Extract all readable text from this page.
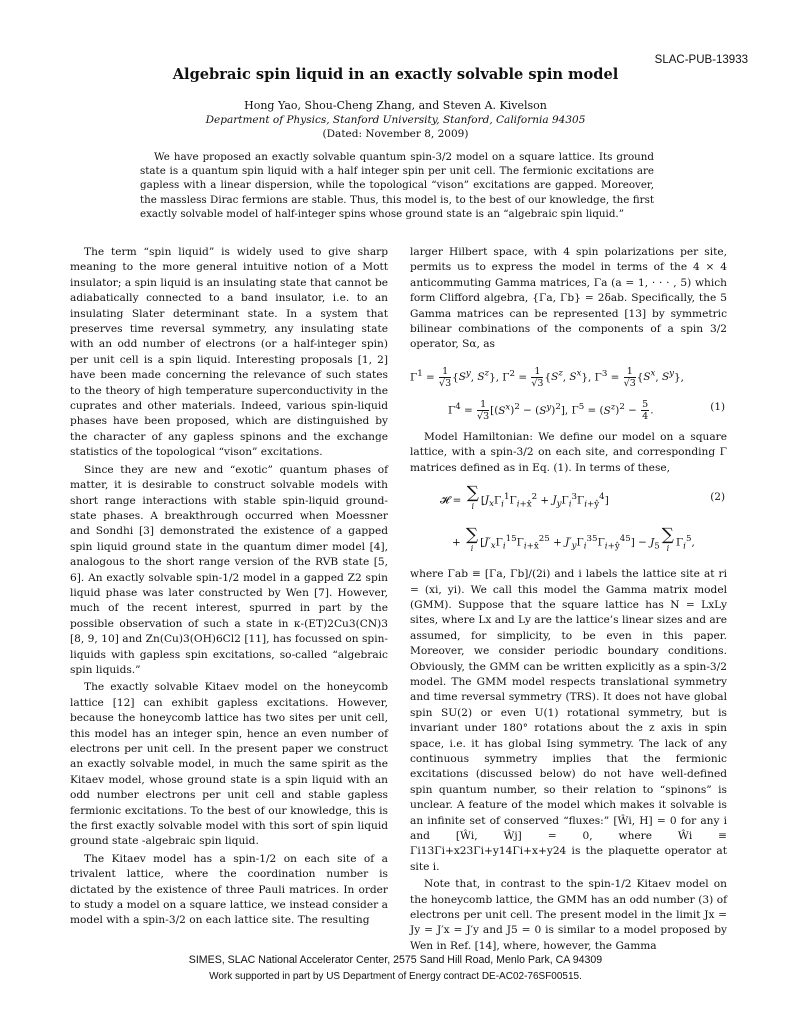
SLAC-PUB-13933
Algebraic spin liquid in an exactly solvable spin model
Hong Yao, Shou-Cheng Zhang, and Steven A. Kivelson
Department of Physics, Stanford University, Stanford, California 94305
(Dated: November 8, 2009)
We have proposed an exactly solvable quantum spin-3/2 model on a square lattice. Its ground state is a quantum spin liquid with a half integer spin per unit cell. The fermionic excitations are gapless with a linear dispersion, while the topological “vison” excitations are gapped. Moreover, the massless Dirac fermions are stable. Thus, this model is, to the best of our knowledge, the first exactly solvable model of half-integer spins whose ground state is an “algebraic spin liquid.”

The term “spin liquid” is widely used to give sharp meaning to the more general intuitive notion of a Mott insulator; a spin liquid is an insulating state that cannot be adiabatically connected to a band insulator, i.e. to an insulating Slater determinant state. In a system that preserves time reversal symmetry, any insulating state with an odd number of electrons (or a half-integer spin) per unit cell is a spin liquid. Interesting proposals [1, 2] have been made concerning the relevance of such states to the theory of high temperature superconductivity in the cuprates and other materials. Indeed, various spin-liquid phases have been proposed, which are distinguished by the character of any gapless spinons and the exchange statistics of the topological “vison” excitations.

Since they are new and “exotic” quantum phases of matter, it is desirable to construct solvable models with short range interactions with stable spin-liquid ground-state phases. A breakthrough occurred when Moessner and Sondhi [3] demonstrated the existence of a gapped spin liquid ground state in the quantum dimer model [4], analogous to the short range version of the RVB state [5, 6]. An exactly solvable spin-1/2 model in a gapped Z2 spin liquid phase was later constructed by Wen [7]. However, much of the recent interest, spurred in part by the possible observation of such a state in κ-(ET)2Cu3(CN)3 [8, 9, 10] and Zn(Cu)3(OH)6Cl2 [11], has focussed on spin-liquids with gapless spin excitations, so-called “algebraic spin liquids.”

The exactly solvable Kitaev model on the honeycomb lattice [12] can exhibit gapless excitations. However, because the honeycomb lattice has two sites per unit cell, this model has an integer spin, hence an even number of electrons per unit cell. In the present paper we construct an exactly solvable model, in much the same spirit as the Kitaev model, whose ground state is a spin liquid with an odd number electrons per unit cell and stable gapless fermionic excitations. To the best of our knowledge, this is the first exactly solvable model with this sort of spin liquid ground state -algebraic spin liquid.

The Kitaev model has a spin-1/2 on each site of a trivalent lattice, where the coordination number is dictated by the existence of three Pauli matrices. In order to study a model on a square lattice, we instead consider a model with a spin-3/2 on each lattice site. The resulting

larger Hilbert space, with 4 spin polarizations per site, permits us to express the model in terms of the 4 × 4 anticommuting Gamma matrices, Γa (a = 1, · · · , 5) which form Clifford algebra, {Γa, Γb} = 2δab. Specifically, the 5 Gamma matrices can be represented [13] by symmetric bilinear combinations of the components of a spin 3/2 operator, Sα, as

$\Gamma^1 = \frac{1}{√3} \{S^y$, $S^z$}, $\Gamma^2 = \frac{1}{√3} \{S^z$, $S^x$}, $\Gamma^3 = \frac{1}{√3} \{S^x$, $S^y$},
$\Gamma^4 = \frac{1}{√3} [(S^x)^2 - (S^y)^2]$, $\Gamma^5 = (S^z)^2 - \frac{5}{4}$ .	(1)

Model Hamiltonian: We define our model on a square lattice, with a spin-3/2 on each site, and corresponding Γ matrices defined as in Eq. (1). In terms of these,

𝓗 = ∑
i
$[J_x\Gamma_i^1\Gamma_{i+x̂}^2 + J_y\Gamma_i^3\Gamma_{i+ŷ}^4]$	(2)
+ ∑
i
$[J'_x\Gamma_i^{15}\Gamma_{i+x̂}^{25} + J'_y\Gamma_i^{35}\Gamma_{i+ŷ}^{45}] - J_5$
∑
i
$\Gamma_i^5$,

where Γab ≡ [Γa, Γb]/(2i) and i labels the lattice site at ri = (xi, yi). We call this model the Gamma matrix model (GMM). Suppose that the square lattice has N = LxLy sites, where Lx and Ly are the lattice’s linear sizes and are assumed, for simplicity, to be even in this paper. Moreover, we consider periodic boundary conditions. Obviously, the GMM can be written explicitly as a spin-3/2 model. The GMM model respects translational symmetry and time reversal symmetry (TRS). It does not have global spin SU(2) or even U(1) rotational symmetry, but is invariant under 180° rotations about the z axis in spin space, i.e. it has global Ising symmetry. The lack of any continuous symmetry implies that the fermionic excitations (discussed below) do not have well-defined spin quantum number, so their relation to “spinons” is unclear. A feature of the model which makes it solvable is an infinite set of conserved “fluxes:” [Ŵi, H] = 0 for any i and [Ŵi, Ŵj] = 0, where Ŵi ≡ Γi13Γi+x23Γi+y14Γi+x+y24 is the plaquette operator at site i.

Note that, in contrast to the spin-1/2 Kitaev model on the honeycomb lattice, the GMM has an odd number (3) of electrons per unit cell. The present model in the limit Jx = Jy = J′x = J′y and J5 = 0 is similar to a model proposed by Wen in Ref. [14], where, however, the Gamma

SIMES, SLAC National Accelerator Center, 2575 Sand Hill Road, Menlo Park, CA 94309
Work supported in part by US Department of Energy contract DE-AC02-76SF00515.
